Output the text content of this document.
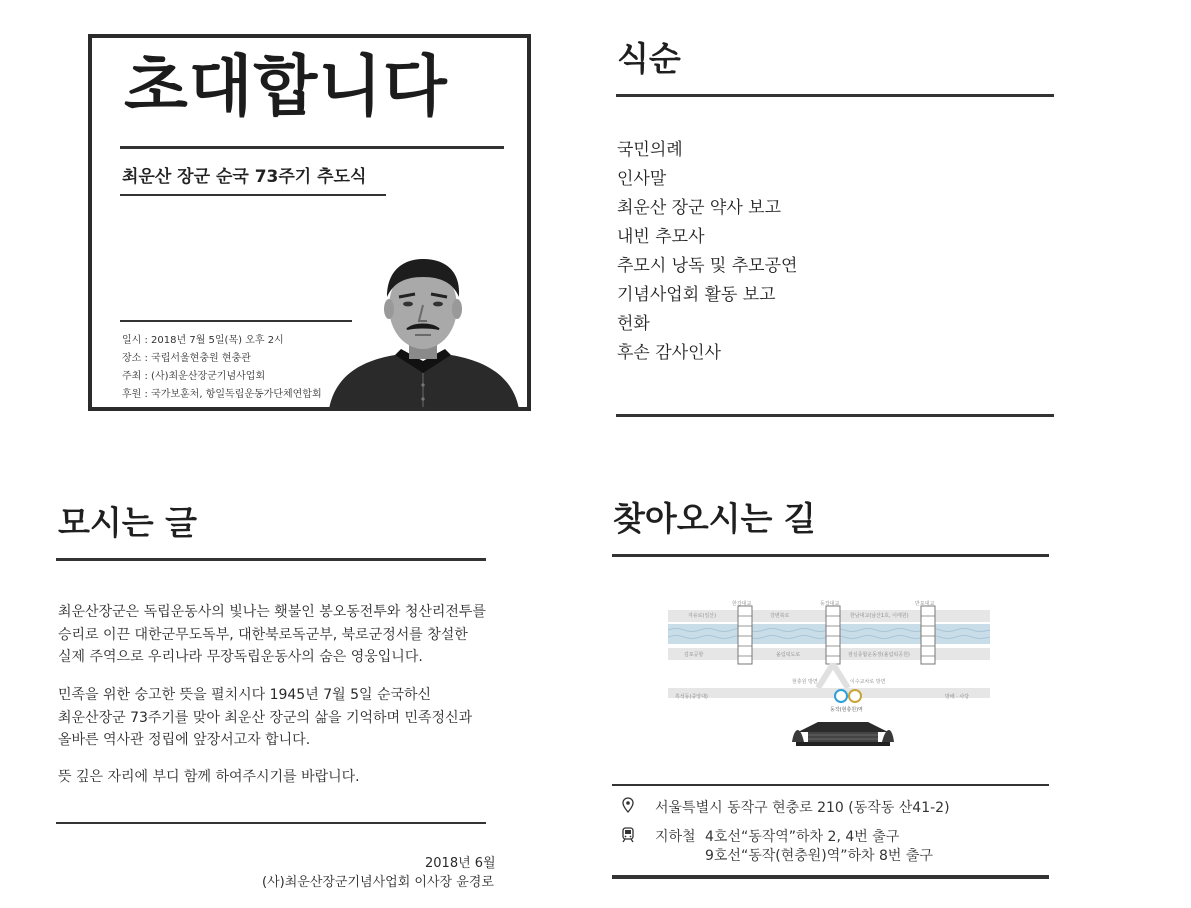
초대합니다
최운산 장군 순국 73주기 추도식
일시 : 2018년 7월 5일(목) 오후 2시
장소 : 국립서울현충원 현충관
주최 : (사)최운산장군기념사업회
후원 : 국가보훈처, 항일독립운동가단체연합회
식순
국민의례
인사말
최운산 장군 약사 보고
내빈 추모사
추모시 낭독 및 추모공연
기념사업회 활동 보고
헌화
후손 감사인사
모시는 글
최운산장군은 독립운동사의 빛나는 횃불인 봉오동전투와 청산리전투를
승리로 이끈 대한군무도독부, 대한북로독군부, 북로군정서를 창설한
실제 주역으로 우리나라 무장독립운동사의 숨은 영웅입니다.
민족을 위한 숭고한 뜻을 펼치시다 1945년 7월 5일 순국하신
최운산장군 73주기를 맞아 최운산 장군의 삶을 기억하며 민족정신과
올바른 역사관 정립에 앞장서고자 합니다.
뜻 깊은 자리에 부디 함께 하여주시기를 바랍니다.
2018년 6월
(사)최운산장군기념사업회 이사장 윤경로
찾아오시는 길
한강대교	동작대교	반포대교
자유로(일산)	강변북로	한남대교(남산1호, 이태원)
김포공항	올림픽도로	잠실종합운동장(올림픽공원)
현충원 방면	이수교차로 방면
흑석동(중앙대)	방배 · 사당
4 9
동작(현충원)역
서울특별시 동작구 현충로 210 (동작동 산41-2)
지하철 4호선“동작역”하차 2, 4번 출구
9호선“동작(현충원)역”하차 8번 출구
